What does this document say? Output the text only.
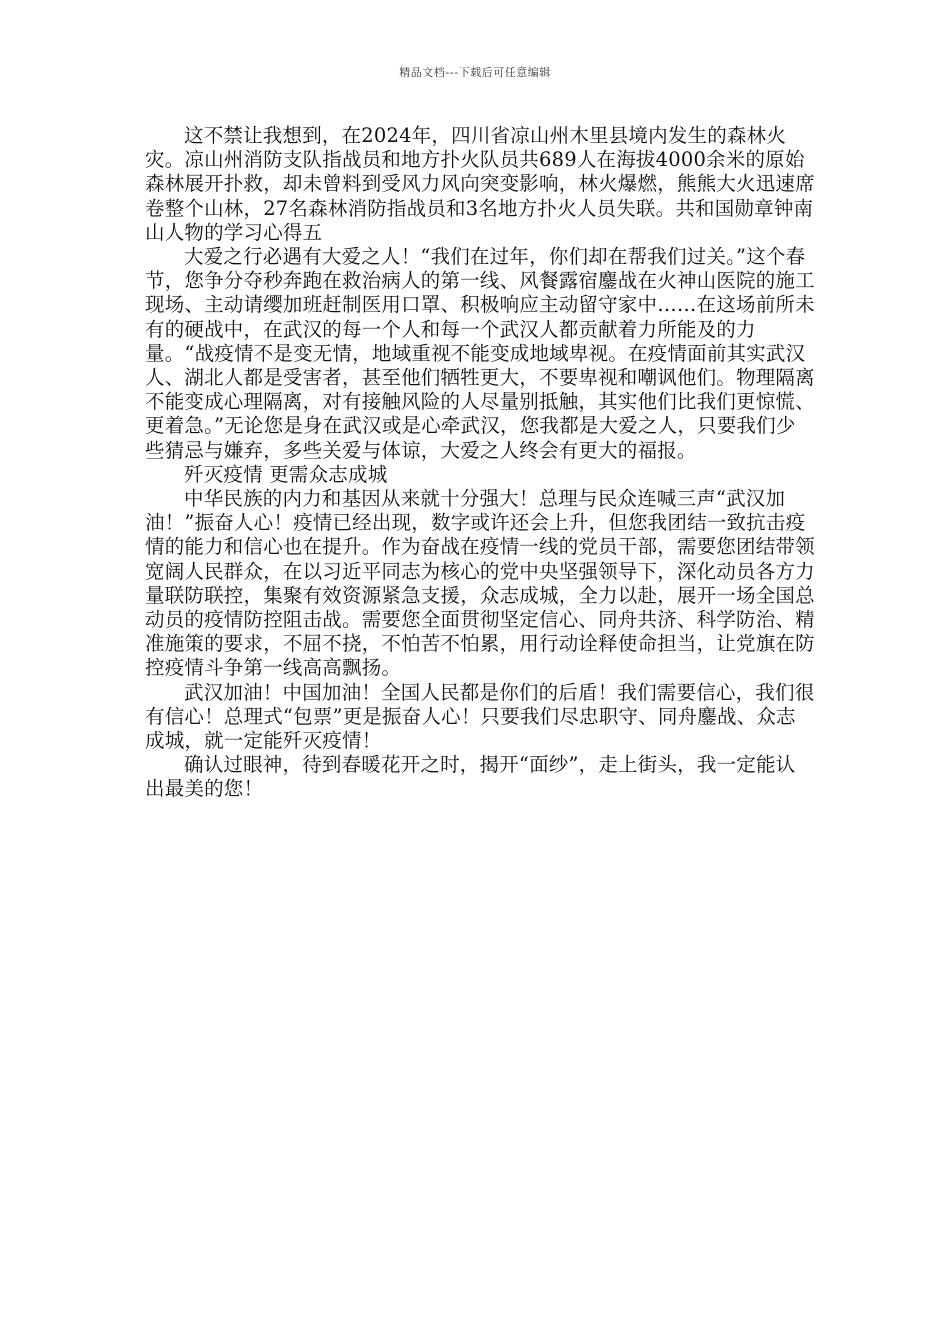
精品文档---下载后可任意编辑

这不禁让我想到，在2024年，四川省凉山州木里县境内发生的森林火灾。凉山州消防支队指战员和地方扑火队员共689人在海拔4000余米的原始森林展开扑救，却未曾料到受风力风向突变影响，林火爆燃，熊熊大火迅速席卷整个山林，27名森林消防指战员和3名地方扑火人员失联。共和国勋章钟南山人物的学习心得五

大爱之行必遇有大爱之人！“我们在过年，你们却在帮我们过关。”这个春节，您争分夺秒奔跑在救治病人的第一线、风餐露宿鏖战在火神山医院的施工现场、主动请缨加班赶制医用口罩、积极响应主动留守家中……在这场前所未有的硬战中，在武汉的每一个人和每一个武汉人都贡献着力所能及的力量。“战疫情不是变无情，地域重视不能变成地域卑视。在疫情面前其实武汉人、湖北人都是受害者，甚至他们牺牲更大，不要卑视和嘲讽他们。物理隔离不能变成心理隔离，对有接触风险的人尽量别抵触，其实他们比我们更惊慌、更着急。”无论您是身在武汉或是心牵武汉，您我都是大爱之人，只要我们少些猜忌与嫌弃，多些关爱与体谅，大爱之人终会有更大的福报。

歼灭疫情 更需众志成城

中华民族的内力和基因从来就十分强大！总理与民众连喊三声“武汉加油！”振奋人心！疫情已经出现，数字或许还会上升，但您我团结一致抗击疫情的能力和信心也在提升。作为奋战在疫情一线的党员干部，需要您团结带领宽阔人民群众，在以习近平同志为核心的党中央坚强领导下，深化动员各方力量联防联控，集聚有效资源紧急支援，众志成城，全力以赴，展开一场全国总动员的疫情防控阻击战。需要您全面贯彻坚定信心、同舟共济、科学防治、精准施策的要求，不屈不挠，不怕苦不怕累，用行动诠释使命担当，让党旗在防控疫情斗争第一线高高飘扬。

武汉加油！中国加油！全国人民都是你们的后盾！我们需要信心，我们很有信心！总理式“包票”更是振奋人心！只要我们尽忠职守、同舟鏖战、众志成城，就一定能歼灭疫情！

确认过眼神，待到春暖花开之时，揭开“面纱”，走上街头，我一定能认出最美的您！
